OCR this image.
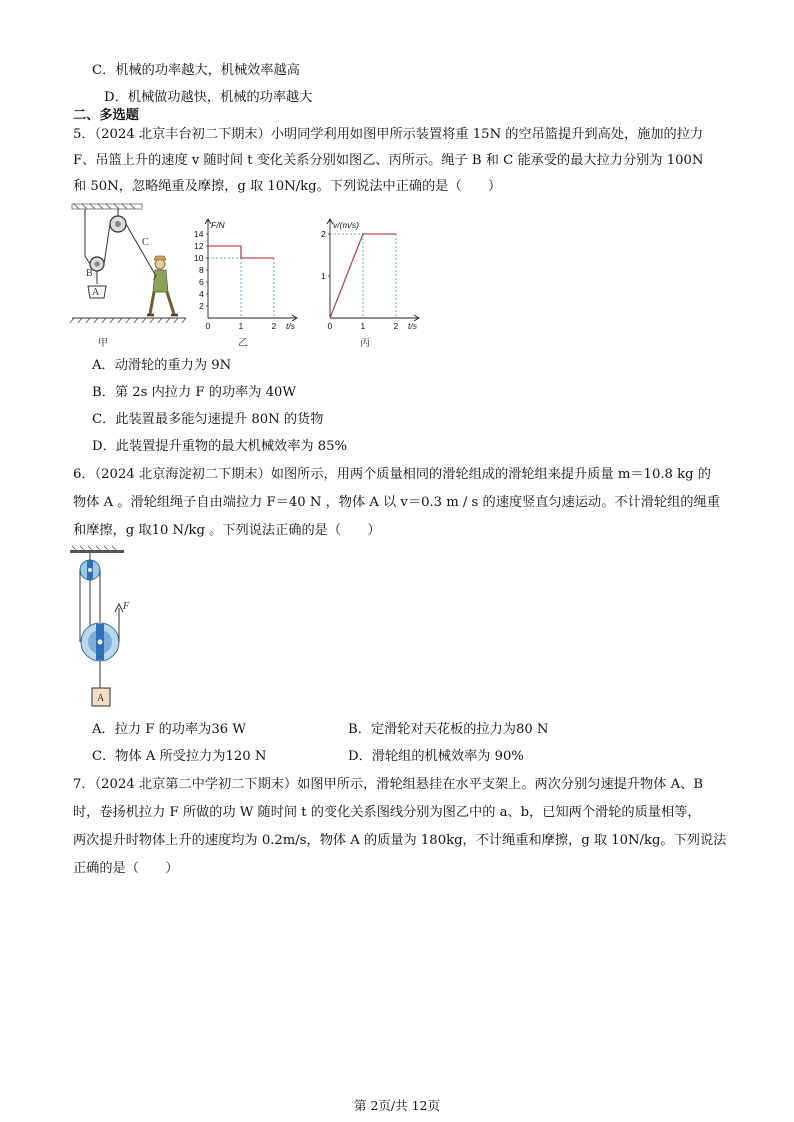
C．机械的功率越大，机械效率越高
D．机械做功越快，机械的功率越大
二、多选题
5．（2024 北京丰台初二下期末）小明同学利用如图甲所示装置将重 15N 的空吊篮提升到高处，施加的拉力
F、吊篮上升的速度 v 随时间 t 变化关系分别如图乙、丙所示。绳子 B 和 C 能承受的最大拉力分别为 100N
和 50N，忽略绳重及摩擦，g 取 10N/kg。下列说法中正确的是（　　）
A
B
C
甲
F/N
t/s
0	1	2
2
4
6
8
10
12
14
乙
v/(m/s)
t/s
0	1	2
1
2
丙
A．动滑轮的重力为 9N
B．第 2s 内拉力 F 的功率为 40W
C．此装置最多能匀速提升 80N 的货物
D．此装置提升重物的最大机械效率为 85%
6．（2024 北京海淀初二下期末）如图所示，用两个质量相同的滑轮组成的滑轮组来提升质量 m＝10.8 kg 的
物体 A 。滑轮组绳子自由端拉力 F＝40 N ，物体 A 以 v＝0.3 m / s 的速度竖直匀速运动。不计滑轮组的绳重
和摩擦，g 取10 N/kg 。下列说法正确的是（　　）
F
A
A．拉力 F 的功率为36 W	B．定滑轮对天花板的拉力为80 N
C．物体 A 所受拉力为120 N	D．滑轮组的机械效率为 90%
7．（2024 北京第二中学初二下期末）如图甲所示，滑轮组悬挂在水平支架上。两次分别匀速提升物体 A、B
时，卷扬机拉力 F 所做的功 W 随时间 t 的变化关系图线分别为图乙中的 a、b，已知两个滑轮的质量相等，
两次提升时物体上升的速度均为 0.2m/s，物体 A 的质量为 180kg，不计绳重和摩擦，g 取 10N/kg。下列说法
正确的是（　　）
第 2页/共 12页
